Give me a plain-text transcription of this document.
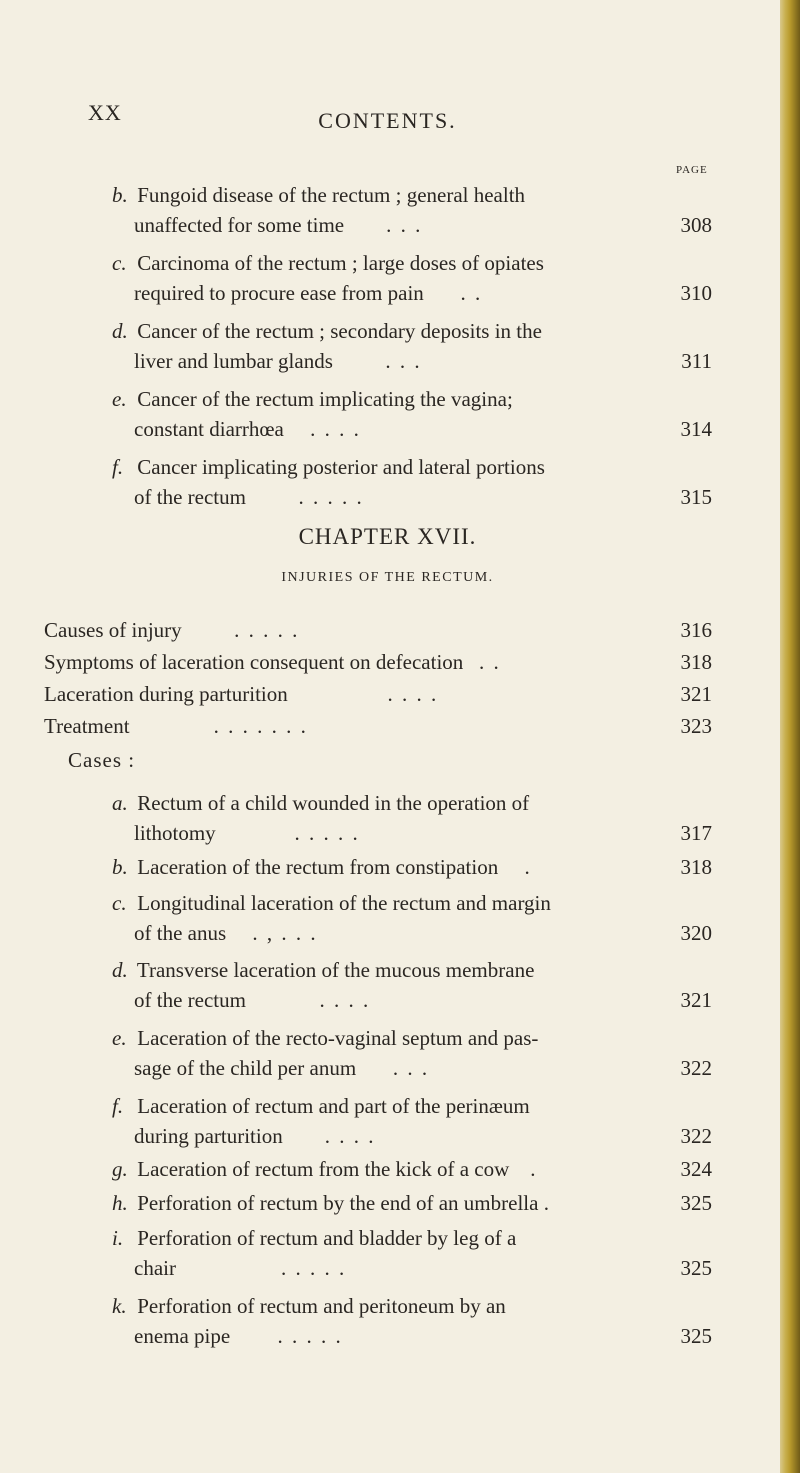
XX	CONTENTS.
PAGE
b. Fungoid disease of the rectum ; general health
unaffected for some time . . .	308
c. Carcinoma of the rectum ; large doses of opiates
required to procure ease from pain . .	310
d. Cancer of the rectum ; secondary deposits in the
liver and lumbar glands	. . .	311
e. Cancer of the rectum implicating the vagina;
constant diarrhœa . . . .	314
f. Cancer implicating posterior and lateral portions
of the rectum	. . . . .	315
CHAPTER XVII.
INJURIES OF THE RECTUM.
Causes of injury	. . . . .	316
Symptoms of laceration consequent on defecation . .	318
Laceration during parturition	. . . .	321
Treatment	. . . . . . .	323
Cases :
a. Rectum of a child wounded in the operation of
lithotomy	. . . . .	317
b. Laceration of the rectum from constipation .	318
c. Longitudinal laceration of the rectum and margin
of the anus . , . . .	320
d. Transverse laceration of the mucous membrane
of the rectum	. . . .	321
e. Laceration of the recto-vaginal septum and pas-
sage of the child per anum . . .	322
f. Laceration of rectum and part of the perinæum
during parturition . . . .	322
g. Laceration of rectum from the kick of a cow .	324
h. Perforation of rectum by the end of an umbrella .	325
i. Perforation of rectum and bladder by leg of a
chair	. . . . .	325
k. Perforation of rectum and peritoneum by an
enema pipe . . . . .	325
